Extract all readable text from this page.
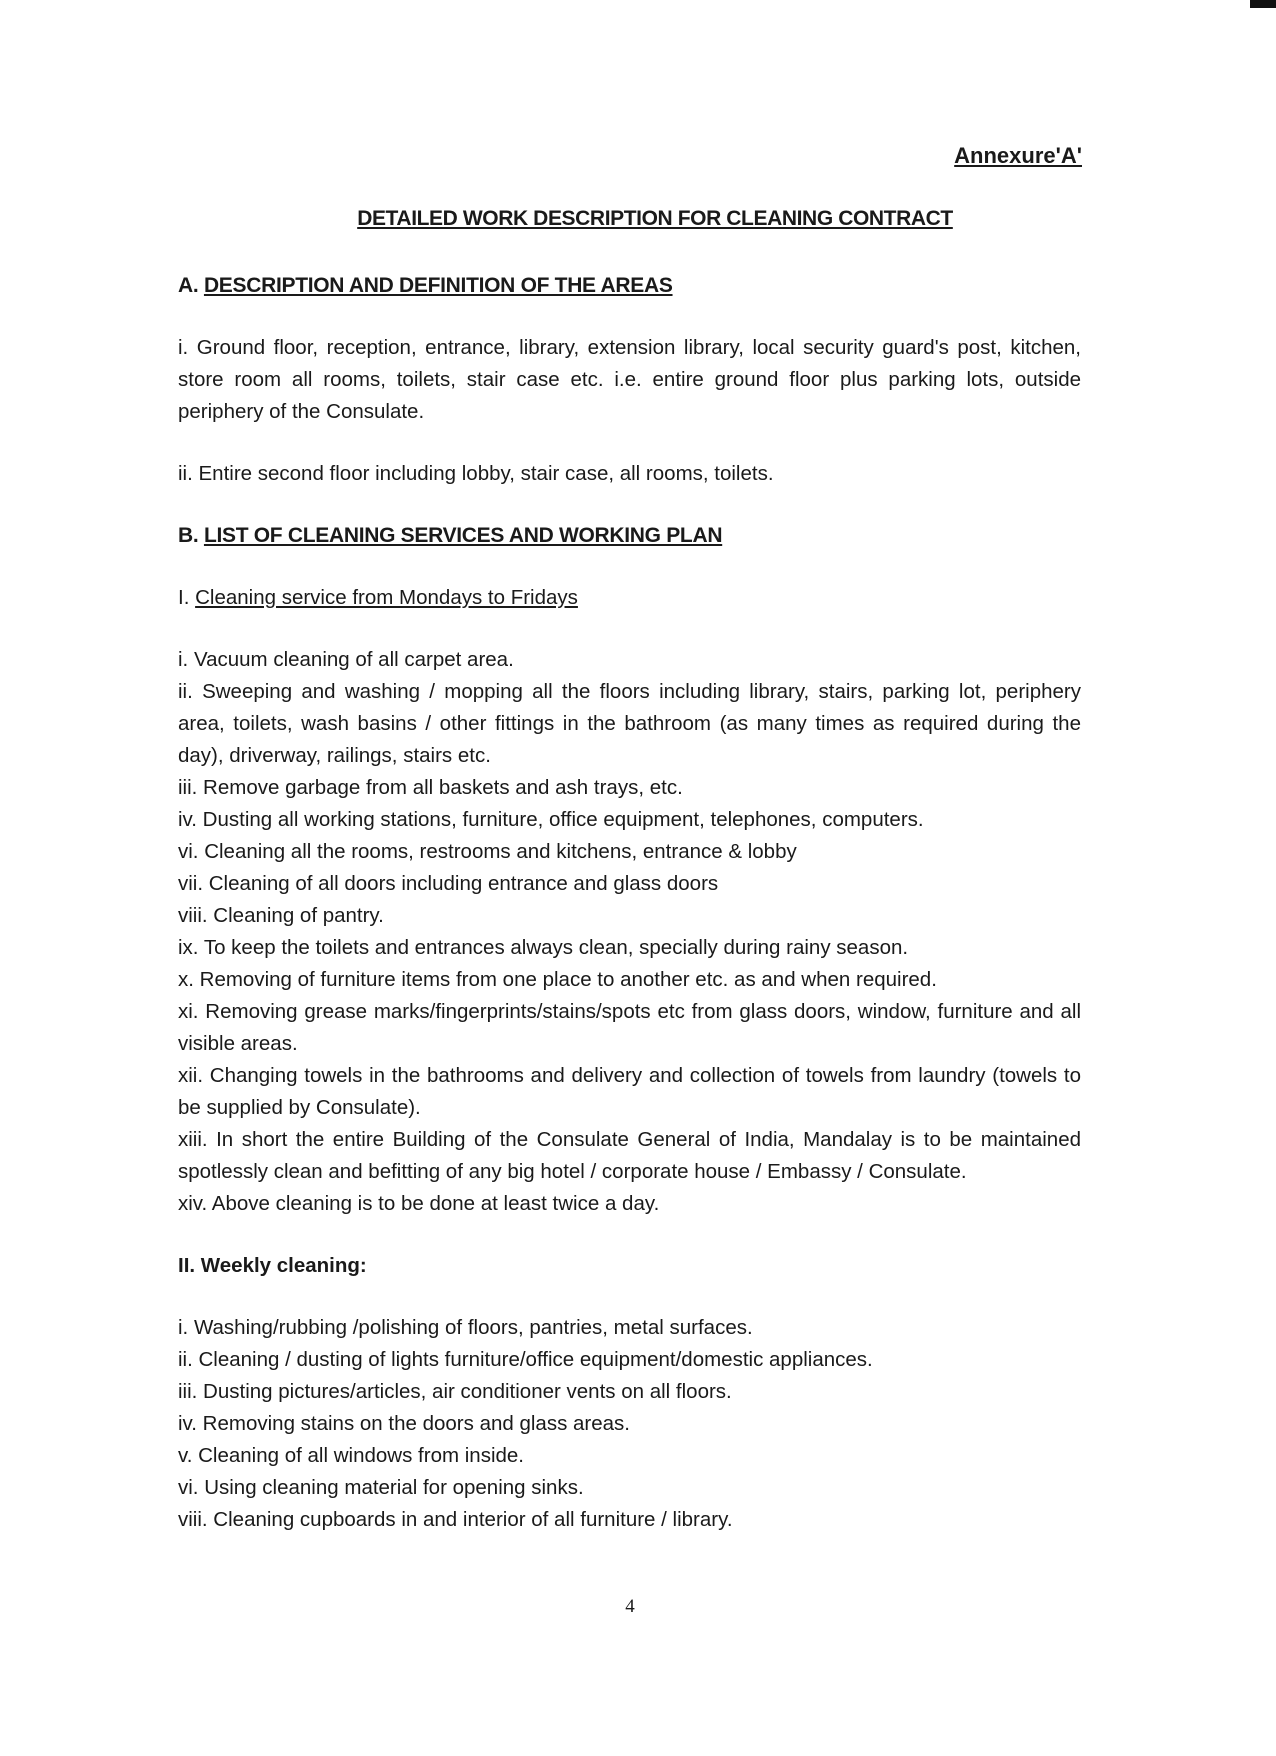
Annexure'A'

DETAILED WORK DESCRIPTION FOR CLEANING CONTRACT

A. DESCRIPTION AND DEFINITION OF THE AREAS

i. Ground floor, reception, entrance, library, extension library, local security guard's post, kitchen, store room all rooms, toilets, stair case etc. i.e. entire ground floor plus parking lots, outside periphery of the Consulate.

ii. Entire second floor including lobby, stair case, all rooms, toilets.

B. LIST OF CLEANING SERVICES AND WORKING PLAN

I. Cleaning service from Mondays to Fridays

i. Vacuum cleaning of all carpet area.
ii. Sweeping and washing / mopping all the floors including library, stairs, parking lot, periphery area, toilets, wash basins / other fittings in the bathroom (as many times as required during the day), driverway, railings, stairs etc.
iii. Remove garbage from all baskets and ash trays, etc.
iv. Dusting all working stations, furniture, office equipment, telephones, computers.
vi. Cleaning all the rooms, restrooms and kitchens, entrance & lobby
vii. Cleaning of all doors including entrance and glass doors
viii. Cleaning of pantry.
ix. To keep the toilets and entrances always clean, specially during rainy season.
x. Removing of furniture items from one place to another etc. as and when required.
xi. Removing grease marks/fingerprints/stains/spots etc from glass doors, window, furniture and all visible areas.
xii. Changing towels in the bathrooms and delivery and collection of towels from laundry (towels to be supplied by Consulate).
xiii. In short the entire Building of the Consulate General of India, Mandalay is to be maintained spotlessly clean and befitting of any big hotel / corporate house / Embassy / Consulate.
xiv. Above cleaning is to be done at least twice a day.

II. Weekly cleaning:

i. Washing/rubbing /polishing of floors, pantries, metal surfaces.
ii. Cleaning / dusting of lights furniture/office equipment/domestic appliances.
iii. Dusting pictures/articles, air conditioner vents on all floors.
iv. Removing stains on the doors and glass areas.
v. Cleaning of all windows from inside.
vi. Using cleaning material for opening sinks.
viii. Cleaning cupboards in and interior of all furniture / library.

4
